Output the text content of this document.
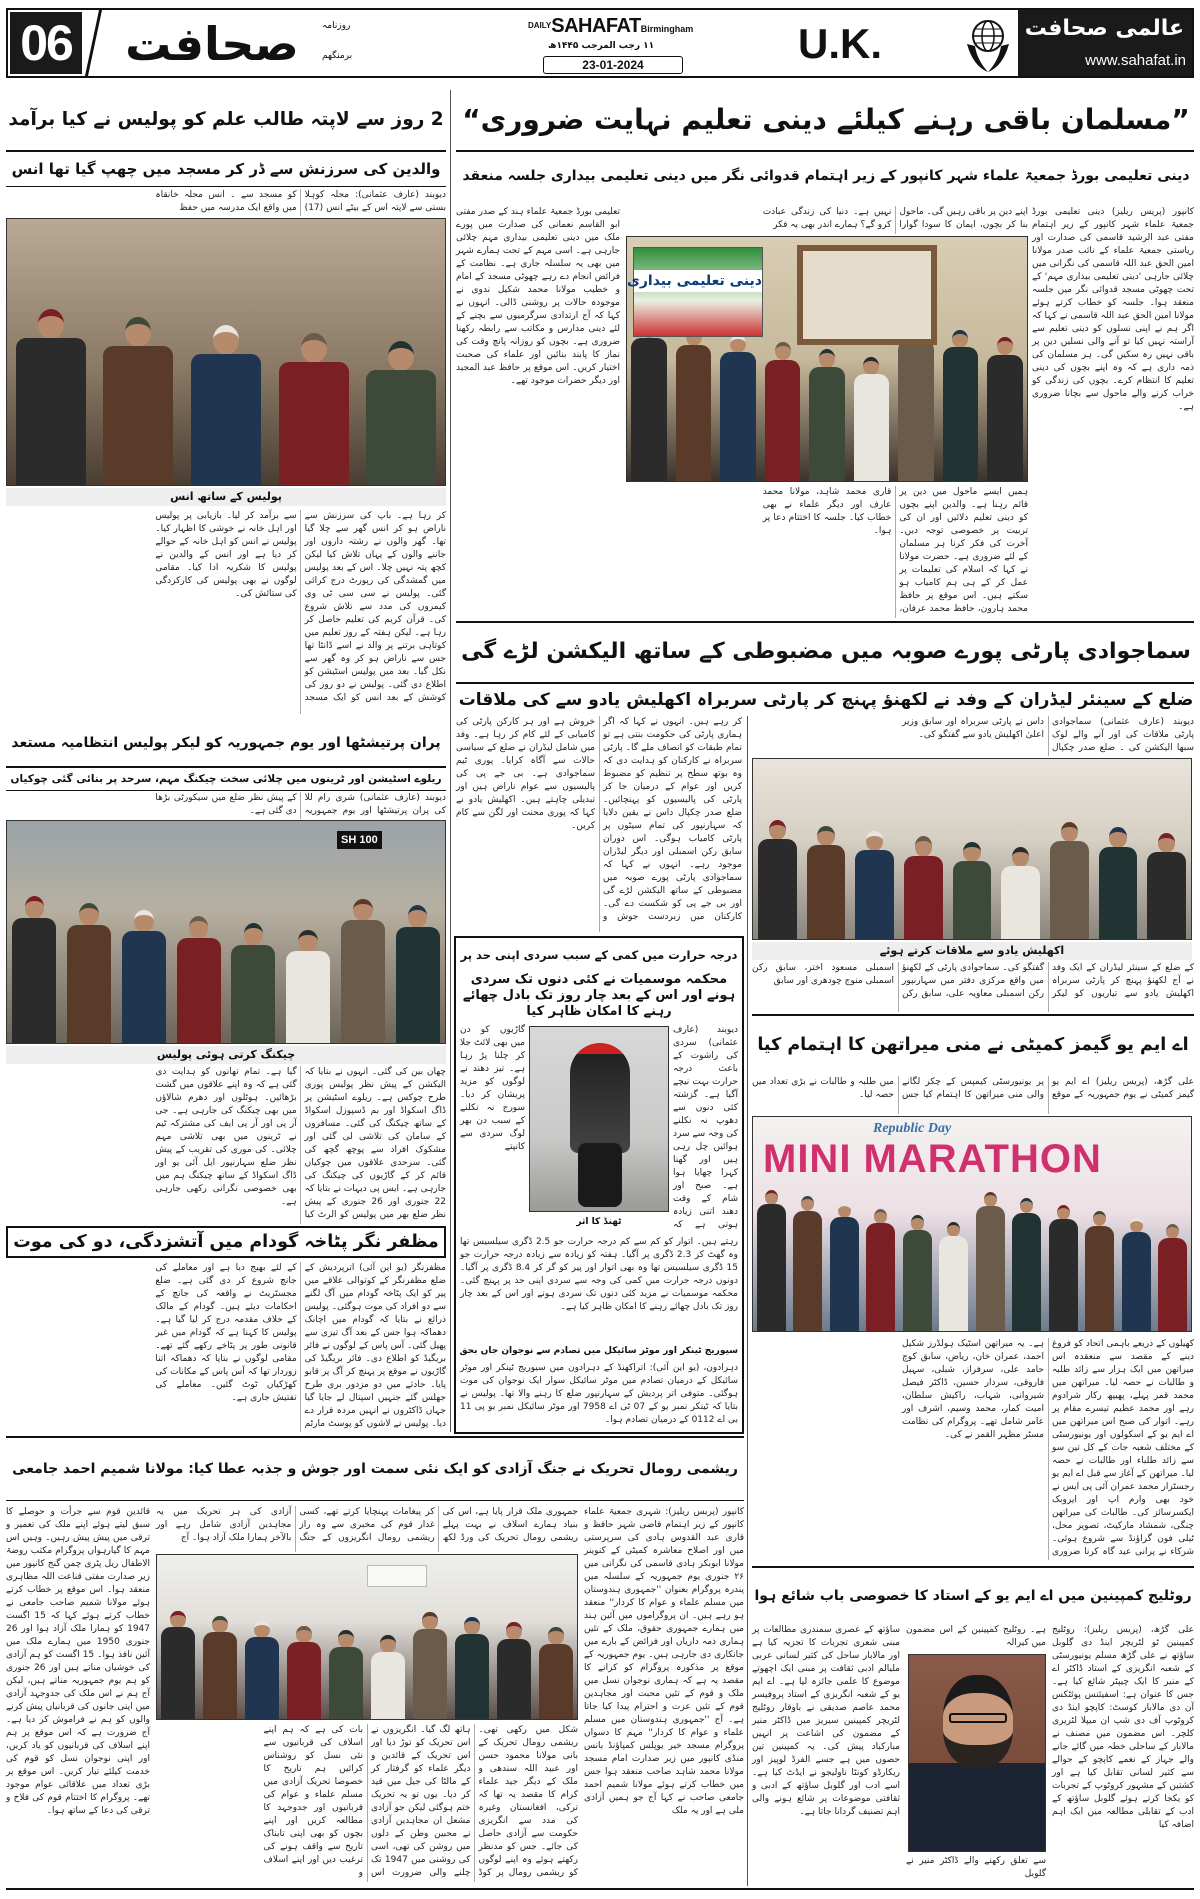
06 صحافت	روزنامہ
برمنگھم
$^{DAILY}$SAHAFATBirmingham
۱۱ رجب المرجب ۱۴۴۵ھ
23-01-2024	U.K.	عالمی صحافت
www.sahafat.in
2 روز سے لاپتہ طالب علم کو پولیس نے کیا برآمد
والدین کی سرزنش سے ڈر کر مسجد میں چھپ گیا تھا انس
دیوبند (عارف عثمانی): محلہ کوہلا بستی سے لاپتہ اس کے بیٹے انس (17) کو مسجد سے ۔ انس محلہ خانقاہ میں واقع ایک مدرسہ میں حفظ
پولیس کے ساتھ انس
کر رہا ہے۔ باپ کی سرزنش سے ناراض ہو کر انس گھر سے چلا گیا تھا۔ گھر والوں نے رشتہ داروں اور جاننے والوں کے یہاں تلاش کیا لیکن کچھ پتہ نہیں چلا۔ اس کے بعد پولیس میں گمشدگی کی رپورٹ درج کرائی گئی۔ پولیس نے سی سی ٹی وی کیمروں کی مدد سے تلاش شروع کی۔ قرآن کریم کی تعلیم حاصل کر رہا ہے۔ لیکن ہفتہ کے روز تعلیم میں کوتاہی برتنے پر والد نے اسے ڈانٹا تھا جس سے ناراض ہو کر وہ گھر سے نکل گیا۔ بعد میں پولیس اسٹیشن کو اطلاع دی گئی۔ پولیس نے دو روز کی کوشش کے بعد انس کو ایک مسجد سے برآمد کر لیا۔ بازیابی پر پولیس اور اہل خانہ نے خوشی کا اظہار کیا۔ پولیس نے انس کو اہل خانہ کے حوالے کر دیا ہے اور انس کے والدین نے پولیس کا شکریہ ادا کیا۔ مقامی لوگوں نے بھی پولیس کی کارکردگی کی ستائش کی۔
”مسلمان باقی رہنے کیلئے دینی تعلیم نہایت ضروری“
دینی تعلیمی بورڈ جمعیۃ علماء شہر کانپور کے زیر اہتمام قدوائی نگر میں دینی تعلیمی بیداری جلسہ منعقد
کانپور (پریس ریلیز) دینی تعلیمی بورڈ جمعیۃ علماء شہر کانپور کے زیر اہتمام مفتی عبد الرشید قاسمی کی صدارت اور ریاستی جمعیۃ علماء کے نائب صدر مولانا امین الحق عبد اللہ قاسمی کی نگرانی میں چلائی جارہی 'دینی تعلیمی بیداری مہم' کے تحت چھوٹی مسجد قدوائی نگر میں جلسہ منعقد ہوا۔ جلسہ کو خطاب کرتے ہوئے مولانا امین الحق عبد اللہ قاسمی نے کہا کہ اگر ہم نے اپنی نسلوں کو دینی تعلیم سے آراستہ نہیں کیا تو آنے والی نسلیں دین پر باقی نہیں رہ سکیں گی۔ ہر مسلمان کی ذمہ داری ہے کہ وہ اپنے بچوں کی دینی تعلیم کا انتظام کرے۔ بچوں کی زندگی کو خراب کرنے والے ماحول سے بچانا ضروری ہے۔
اپنے دین پر باقی رہیں گی۔ ماحول بنا کر بچوں، ایمان کا سودا گوارا نہیں ہے۔ دنیا کی زندگی عبادت کرو گے؟ ہمارے اندر بھی یہ فکر
تعلیمی بورڈ جمعیۃ علماء ہند کے صدر مفتی ابو القاسم نعمانی کی صدارت میں پورے ملک میں دینی تعلیمی بیداری مہم چلائی جارہی ہے۔ اسی مہم کے تحت ہمارے شہر میں بھی یہ سلسلہ جاری ہے۔ نظامت کے فرائض انجام دے رہے چھوٹی مسجد کے امام و خطیب مولانا محمد شکیل ندوی نے موجودہ حالات پر روشنی ڈالی۔ انہوں نے کہا کہ آج ارتدادی سرگرمیوں سے بچنے کے لئے دینی مدارس و مکاتب سے رابطہ رکھنا ضروری ہے۔ بچوں کو روزانہ پانچ وقت کی نماز کا پابند بنائیں اور علماء کی صحبت اختیار کریں۔ اس موقع پر حافظ عبد المجید اور دیگر حضرات موجود تھے۔
دینی تعلیمی بیداری
ہمیں ایسے ماحول میں دین پر قائم رہنا ہے۔ والدین اپنے بچوں کو دینی تعلیم دلائیں اور ان کی تربیت پر خصوصی توجہ دیں۔ آخرت کی فکر کرنا ہر مسلمان کے لئے ضروری ہے۔ حضرت مولانا نے کہا کہ اسلام کی تعلیمات پر عمل کر کے ہی ہم کامیاب ہو سکتے ہیں۔ اس موقع پر حافظ محمد ہارون، حافظ محمد عرفان، قاری محمد شاہد، مولانا محمد عارف اور دیگر علماء نے بھی خطاب کیا۔ جلسہ کا اختتام دعا پر ہوا۔
سماجوادی پارٹی پورے صوبہ میں مضبوطی کے ساتھ الیکشن لڑے گی
ضلع کے سینئر لیڈران کے وفد نے لکھنؤ پہنچ کر پارٹی سربراہ اکھلیش یادو سے کی ملاقات
دیوبند (عارف عثمانی) سماجوادی پارٹی ملاقات کی اور آنے والے لوک سبھا الیکشن کی ۔ ضلع صدر چکپال داس نے پارٹی سربراہ اور سابق وزیر اعلیٰ اکھلیش یادو سے گفتگو کی۔
کر رہے ہیں۔ انہوں نے کہا کہ اگر ہماری پارٹی کی حکومت بنتی ہے تو تمام طبقات کو انصاف ملے گا۔ پارٹی سربراہ نے کارکنان کو ہدایت دی کہ وہ بوتھ سطح پر تنظیم کو مضبوط کریں اور عوام کے درمیان جا کر پارٹی کی پالیسیوں کو پہنچائیں۔ ضلع صدر چکپال داس نے یقین دلایا کہ سہارنپور کی تمام سیٹوں پر پارٹی کامیاب ہوگی۔ اس دوران سابق رکن اسمبلی اور دیگر لیڈران موجود رہے۔ انہوں نے کہا کہ سماجوادی پارٹی پورے صوبہ میں مضبوطی کے ساتھ الیکشن لڑے گی اور بی جے پی کو شکست دے گی۔ کارکنان میں زبردست جوش و خروش ہے اور ہر کارکن پارٹی کی کامیابی کے لئے کام کر رہا ہے۔ وفد میں شامل لیڈران نے ضلع کے سیاسی حالات سے آگاہ کرایا۔ پوری ٹیم سماجوادی ہے۔ بی جے پی کی پالیسیوں سے عوام ناراض ہیں اور تبدیلی چاہتے ہیں۔ اکھلیش یادو نے کہا کہ پوری محنت اور لگن سے کام کریں۔
اکھلیش یادو سے ملاقات کرتے ہوئے
کے ضلع کے سینئر لیڈران کے ایک وفد نے آج لکھنؤ پہنچ کر پارٹی سربراہ اکھلیش یادو سے تیاریوں کو لیکر گفتگو کی۔ سماجوادی پارٹی کے لکھنؤ میں واقع مرکزی دفتر میں سہارنپور رکن اسمبلی معاویہ علی، سابق رکن اسمبلی مسعود اختر، سابق رکن اسمبلی منوج چودھری اور سابق
پران پرتیشٹھا اور یوم جمہوریہ کو لیکر پولیس انتظامیہ مستعد
ریلوے اسٹیشن اور ٹرینوں میں چلائی سخت چیکنگ مہم، سرحد پر بنائی گئی چوکیاں
دیوبند (عارف عثمانی) شری رام للا کی پران پرتیشٹھا اور یوم جمہوریہ کے پیش نظر ضلع میں سیکورٹی بڑھا دی گئی ہے۔
SH 100
چیکنگ کرتی ہوئی پولیس
چھان بین کی گئی۔ انہوں نے بتایا کہ الیکشن کے پیش نظر پولیس پوری طرح چوکس ہے۔ ریلوے اسٹیشن پر ڈاگ اسکواڈ اور بم ڈسپوزل اسکواڈ کے ساتھ چیکنگ کی گئی۔ مسافروں کے سامان کی تلاشی لی گئی اور مشکوک افراد سے پوچھ گچھ کی گئی۔ سرحدی علاقوں میں چوکیاں قائم کر کے گاڑیوں کی چیکنگ کی جارہی ہے۔ ایس پی دیہات نے بتایا کہ 22 جنوری اور 26 جنوری کے پیش نظر ضلع بھر میں پولیس کو الرٹ کیا گیا ہے۔ تمام تھانوں کو ہدایت دی گئی ہے کہ وہ اپنے علاقوں میں گشت بڑھائیں۔ ہوٹلوں اور دھرم شالاؤں میں بھی چیکنگ کی جارہی ہے۔ جی آر پی اور آر پی ایف کی مشترکہ ٹیم نے ٹرینوں میں بھی تلاشی مہم چلائی۔ کی موری کی تقریب کے پیش نظر ضلع سہارنپور ایل آئی یو اور ڈاگ اسکواڈ کے ساتھ چیکنگ ہم میں بھی خصوصی نگرانی رکھی جارہی ہے۔
مظفر نگر پٹاخہ گودام میں آتشزدگی، دو کی موت
مظفرنگر (یو این آئی) اترپردیش کے ضلع مظفرنگر کے کوتوالی علاقے میں پیر کو ایک پٹاخہ گودام میں آگ لگنے سے دو افراد کی موت ہوگئی۔ پولیس ذرائع نے بتایا کہ گودام میں اچانک دھماکہ ہوا جس کے بعد آگ تیزی سے پھیل گئی۔ آس پاس کے لوگوں نے فائر بریگیڈ کو اطلاع دی۔ فائر بریگیڈ کی گاڑیوں نے موقع پر پہنچ کر آگ پر قابو پایا۔ حادثے میں دو مزدور بری طرح جھلس گئے جنہیں اسپتال لے جایا گیا جہاں ڈاکٹروں نے انہیں مردہ قرار دے دیا۔ پولیس نے لاشوں کو پوسٹ مارٹم کے لئے بھیج دیا ہے اور معاملے کی جانچ شروع کر دی گئی ہے۔ ضلع مجسٹریٹ نے واقعہ کی جانچ کے احکامات دیئے ہیں۔ گودام کے مالک کے خلاف مقدمہ درج کر لیا گیا ہے۔ پولیس کا کہنا ہے کہ گودام میں غیر قانونی طور پر پٹاخے رکھے گئے تھے۔ مقامی لوگوں نے بتایا کہ دھماکہ اتنا زوردار تھا کہ آس پاس کے مکانات کی کھڑکیاں ٹوٹ گئیں۔ معاملے کی تفتیش جاری ہے۔
درجہ حرارت میں کمی کے سبب سردی اپنی حد پر
محکمہ موسمیات نے کئی دنوں تک سردی ہونے اور اس کے بعد چار روز تک بادل چھائے رہنے کا امکان ظاہر کیا
دیوبند (عارف عثمانی) سردی کی راشوت کے باعث درجہ حرارت بہت نیچے آگیا ہے۔ گزشتہ کئی دنوں سے دھوپ نہ نکلنے کی وجہ سے سرد ہوائیں چل رہی ہیں اور گھنا کہرا چھایا ہوا ہے۔ صبح اور شام کے وقت دھند اتنی زیادہ ہوتی ہے کہ گاڑیوں کو دن میں بھی لائٹ جلا کر چلنا پڑ رہا ہے۔ تیز دھند نے لوگوں کو مزید پریشان کر دیا۔ سورج نہ نکلنے کے سبب دن بھر لوگ سردی سے کانپتے
ٹھنڈ کا اثر
رہتے ہیں۔ اتوار کو کم سے کم درجہ حرارت جو 2.5 ڈگری سیلسیس تھا وہ گھٹ کر 2.3 ڈگری پر آگیا۔ ہفتہ کو زیادہ سے زیادہ درجہ حرارت جو 15 ڈگری سیلسیس تھا وہ بھی اتوار اور پیر کو گر کر 8.4 ڈگری پر آگیا۔ دونوں درجہ حرارت میں کمی کی وجہ سے سردی اپنی حد پر پہنچ گئی۔ محکمہ موسمیات نے مزید کئی دنوں تک سردی ہونے اور اس کے بعد چار روز تک بادل چھائے رہنے کا امکان ظاہر کیا ہے۔
سیوریج ٹینکر اور موٹر سائیکل میں تصادم سے نوجوان جاں بحق
دہرادون، (یو این آئی): اتراکھنڈ کے دہرادون میں سیوریج ٹینکر اور موٹر سائیکل کے درمیان تصادم میں موٹر سائیکل سوار ایک نوجوان کی موت ہوگئی۔ متوفی اتر پردیش کے سہارنپور ضلع کا رہنے والا تھا۔ پولیس نے بتایا کہ ٹینکر نمبر یو کے 07 ٹی اے 7958 اور موٹر سائیکل نمبر یو پی 11 بی اے 0112 کے درمیان تصادم ہوا۔
اے ایم یو گیمز کمیٹی نے منی میراتھن کا اہتمام کیا
علی گڑھ، (پریس ریلیز) اے ایم یو گیمز کمیٹی نے یوم جمہوریہ کے موقع پر یونیورسٹی کیمپس کے چکر لگانے والی منی میراتھن کا اہتمام کیا جس میں طلبہ و طالبات نے بڑی تعداد میں حصہ لیا۔
Republic Day
MINI MARATHON
کھیلوں کے ذریعے باہمی اتحاد کو فروغ دینے کے مقصد سے منعقدہ اس میراتھن میں ایک ہزار سے زائد طلبہ و طالبات نے حصہ لیا۔ میراتھن میں محمد قمر پہلے، پھیپھ رکار شرادوم رہے اور محمد عظیم تیسرے مقام پر رہے۔ اتوار کی صبح اس میراتھن میں اے ایم یو کے اسکولوں اور یونیورسٹی کے مختلف شعبہ جات کے کل تین سو سے زائد طلباء اور طالبات نے حصہ لیا۔ میراتھن کے آغاز سے قبل اے ایم یو رجسٹرار محمد عمران آئی پی ایس نے خود بھی وارم اپ اور ایروبک ایکسرسائز کی۔ طالبات کی میراتھن چنگی، شمشاد مارکیٹ، تصویر محل، ٹیلی فون گراؤنڈ سے شروع ہوئی۔ شرکاء نے پرانی عید گاہ کرنا ضروری ہے۔ یہ میراتھن اسٹیک ہولڈرز شکیل احمد، عمران خان، ریاض، سابق کوچ حامد علی، سرفراز، شبلی، سہیل فاروقی، سردار حسین، ڈاکٹر فیصل شیروانی، شہاب، راکیش سلطان، امیت کمار، محمد وسیم، اشرف اور عامر شامل تھے۔ پروگرام کی نظامت مسٹر مظہر القمر نے کی۔
ریشمی رومال تحریک نے جنگ آزادی کو ایک نئی سمت اور جوش و جذبہ عطا کیا: مولانا شمیم احمد جامعی
کانپور (پریس ریلیز): شہری جمعیۃ علماء کانپور کے زیر اہتمام قاضی شہر حافظ و قاری عبد القدوس ہادی کی سرپرستی میں اور اصلاح معاشرہ کمیٹی کے کنوینر مولانا ابوبکر ہادی قاسمی کی نگرانی میں ۲۶ جنوری یوم جمہوریہ کے سلسلہ میں پندرہ پروگرام بعنوان ''جمہوری ہندوستان میں مسلم علماء و عوام کا کردار'' منعقد ہو رہے ہیں۔ ان پروگراموں میں آئین ہند میں ہمارے جمہوری حقوق، ملک کے تئیں ہماری ذمہ داریاں اور فرائض کے بارے میں جانکاری دی جارہی ہیں۔ یوم جمہوریہ کے موقع پر مذکورہ پروگرام کو کرانے کا مقصد یہ ہے کہ ہماری نوجوان نسل میں ملک و قوم کے تئیں محبت اور مجاہدین قوم کے تئیں عزت و احترام پیدا کیا جاتا ہے۔ آج ''جمہوری ہندوستان میں مسلم علماء و عوام کا کردار'' مہم کا دسواں پروگرام مسجد خیر یوپلس کمپاؤنڈ بانس منڈی کانپور میں زیر صدارت امام مسجد مولانا محمد شاہد صاحب منعقد ہوا جس میں خطاب کرتے ہوئے مولانا شمیم احمد جامعی صاحب نے کہا آج جو ہمیں آزادی ملی ہے اور یہ ملک
جمہوری ملک قرار پایا ہے، اس کی بنیاد ہمارے اسلاف نے بہت پہلے ریشمی رومال تحریک کی ورڈ لکھ کر پیغامات پہنچایا کرتے تھے، کسی غدار قوم کی مخبری سے وہ راز ریشمی رومال انگریزوں کے جنگ آزادی کی ہر تحریک میں یہ مجاہدین آزادی شامل رہے اور بالآخر ہمارا ملک آزاد ہوا۔ آج
شکل میں رکھی تھی۔ ریشمی رومال تحریک کے بانی مولانا محمود حسن اور عبید اللہ سندھی و ملک کے دیگر جید علماء کرام کا مقصد یہ تھا کہ ترکی، افغانستان وغیرہ کی مدد سے انگریزی حکومت سے آزادی حاصل کی جائے۔ جس کو مدنظر رکھتے ہوئے وہ اپنے لوگوں کو ریشمی رومال پر کوڈ ہاتھ لگ گیا۔ انگریزوں نے اس تحریک کو توڑ دیا اور اس تحریک کے قائدین و دیگر علماء کو گرفتار کر کے مالٹا کی جیل میں قید کر دیا۔ یوں تو یہ تحریک ختم ہوگئی لیکن جو آزادی مشعل ان مجاہدین آزادی نے محبین وطن کے دلوں میں روشن کی تھی، اسی کی روشنی میں 1947 تک چلنے والی ضرورت اس بات کی ہے کہ ہم اپنے اسلاف کی قربانیوں سے نئی نسل کو روشناس کرائیں ہم تاریخ کا خصوصا تحریک آزادی میں مسلم علماء و عوام کی قربانیوں اور جدوجہد کا مطالعہ کریں اور اپنے بچوں کو بھی اپنی تابناک تاریخ سے واقف ہونے کی ترغیب دیں اور اپنے اسلاف و
قائدین قوم سے جرأت و حوصلے کا سبق لیتے ہوئے اپنے ملک کی تعمیر و ترقی میں پیش پیش رہیں۔ وہیں اس مہم کا گیارہواں پروگرام مکتب روضۃ الاطفال ریل پٹری چمن گنج کانپور میں زیر صدارت مفتی قناعت اللہ مظاہری منعقد ہوا۔ اس موقع پر خطاب کرتے ہوئے مولانا شمیم صاحب جامعی نے خطاب کرتے ہوئے کہا کہ 15 اگست 1947 کو ہمارا ملک آزاد ہوا اور 26 جنوری 1950 میں ہمارے ملک میں آئین نافذ ہوا۔ 15 اگست کو ہم آزادی کی خوشیاں مناتے ہیں اور 26 جنوری کو ہم یوم جمہوریہ مناتے ہیں، لیکن آج ہم نے اس ملک کی جدوجہد آزادی میں اپنی جانوں کی قربانیاں پیش کرنے والوں کو ہم نے فراموش کر دیا ہے۔ آج ضرورت ہے کہ اس موقع پر ہم اپنے اسلاف کی قربانیوں کو یاد کریں، اور اپنی نوجوان نسل کو قوم کی خدمت کیلئے تیار کریں۔ اس موقع پر بڑی تعداد میں علاقائی عوام موجود تھے۔ پروگرام کا اختتام قوم کی فلاح و ترقی کی دعا کے ساتھ ہوا۔
روٹلیج کمپینین میں اے ایم یو کے استاد کا خصوصی باب شائع ہوا
علی گڑھ، (پریس ریلیز): روٹلیج کمپینین ٹو لٹریچر اینڈ دی گلوبل ساؤتھ نے علی گڑھ مسلم یونیورسٹی کے شعبہ انگریزی کے استاد ڈاکٹر اے کے منیر کا ایک چیپٹر شائع کیا ہے۔ جس کا عنوان ہے: اسفیئنس پوئٹکس آن دی مالابار کوسٹ: کاپچو اینڈ دی کروٹوپ آف دی شپ ان میپلا لٹریری کلچر۔ اس مضمون میں مصنف نے مالابار کے ساحلی خطہ میں گائے جانے والے جہاز کے نغمے کاپچو کے حوالے سے کثیر لسانی تقابل کیا ہے اور کشتیں کے مشہور کروٹوپ کے تجربات کو یکجا کرتے ہوئے گلوبل ساؤتھ کے ادب کے تقابلی مطالعہ میں ایک اہم اضافہ کیا
ہے۔ روٹلیج کمپینین کے اس مضمون میں کیرالہ
سے تعلق رکھنے والے ڈاکٹر منیر نے گلوبل
ساؤتھ کے عصری سمندری مطالعات پر مبنی شعری تجربات کا تجزیہ کیا ہے اور مالابار ساحل کی کثیر لسانی عربی ملیالم ادبی ثقافت پر مبنی ایک اچھوتے موضوع کا علمی جائزہ لیا ہے۔ اے ایم یو کے شعبہ انگریزی کے استاد پروفیسر محمد عاصم صدیقی نے باوقار روٹلیج لٹریچر کمپینین سیریز میں ڈاکٹر منیر کے مضمون کی اشاعت پر انہیں مبارکباد پیش کی۔ یہ کمپینین تین حصوں میں ہے جسے الفرڈ لوپیز اور ریکارڈو کونٹا ناولیجو نے ایڈٹ کیا ہے۔ اسے ادب اور گلوبل ساؤتھ کے ادبی و ثقافتی موضوعات پر شائع ہونے والی اہم تصنیف گردانا جاتا ہے۔
